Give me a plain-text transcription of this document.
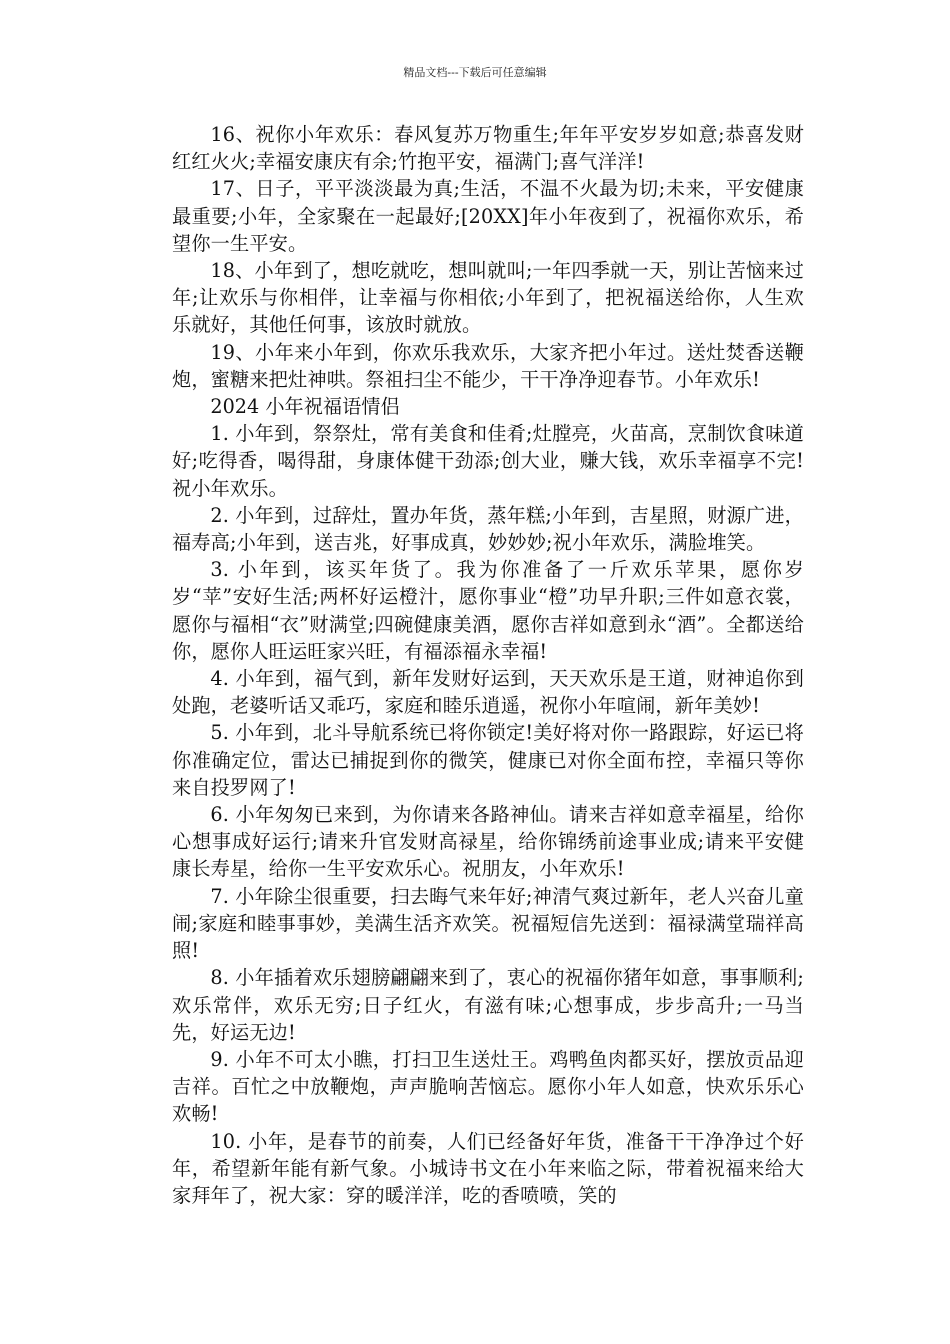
精品文档---下载后可任意编辑

16、祝你小年欢乐：春风复苏万物重生;年年平安岁岁如意;恭喜发财红红火火;幸福安康庆有余;竹抱平安，福满门;喜气洋洋!

17、日子，平平淡淡最为真;生活，不温不火最为切;未来，平安健康最重要;小年，全家聚在一起最好;[20XX]年小年夜到了，祝福你欢乐，希望你一生平安。

18、小年到了，想吃就吃，想叫就叫;一年四季就一天，别让苦恼来过年;让欢乐与你相伴，让幸福与你相依;小年到了，把祝福送给你，人生欢乐就好，其他任何事，该放时就放。

19、小年来小年到，你欢乐我欢乐，大家齐把小年过。送灶焚香送鞭炮，蜜糖来把灶神哄。祭祖扫尘不能少，干干净净迎春节。小年欢乐!

2024 小年祝福语情侣

1. 小年到，祭祭灶，常有美食和佳肴;灶膛亮，火苗高，烹制饮食味道好;吃得香，喝得甜，身康体健干劲添;创大业，赚大钱，欢乐幸福享不完!祝小年欢乐。

2. 小年到，过辞灶，置办年货，蒸年糕;小年到，吉星照，财源广进，福寿高;小年到，送吉兆，好事成真，妙妙妙;祝小年欢乐，满脸堆笑。

3. 小年到，该买年货了。我为你准备了一斤欢乐苹果，愿你岁岁“苹”安好生活;两杯好运橙汁，愿你事业“橙”功早升职;三件如意衣裳，愿你与福相“衣”财满堂;四碗健康美酒，愿你吉祥如意到永“酒”。全都送给你，愿你人旺运旺家兴旺，有福添福永幸福!

4. 小年到，福气到，新年发财好运到，天天欢乐是王道，财神追你到处跑，老婆听话又乖巧，家庭和睦乐逍遥，祝你小年喧闹，新年美妙!

5. 小年到，北斗导航系统已将你锁定!美好将对你一路跟踪，好运已将你准确定位，雷达已捕捉到你的微笑，健康已对你全面布控，幸福只等你来自投罗网了!

6. 小年匆匆已来到，为你请来各路神仙。请来吉祥如意幸福星，给你心想事成好运行;请来升官发财高禄星，给你锦绣前途事业成;请来平安健康长寿星，给你一生平安欢乐心。祝朋友，小年欢乐!

7. 小年除尘很重要，扫去晦气来年好;神清气爽过新年，老人兴奋儿童闹;家庭和睦事事妙，美满生活齐欢笑。祝福短信先送到：福禄满堂瑞祥高照!

8. 小年插着欢乐翅膀翩翩来到了，衷心的祝福你猪年如意，事事顺利;欢乐常伴，欢乐无穷;日子红火，有滋有味;心想事成，步步高升;一马当先，好运无边!

9. 小年不可太小瞧，打扫卫生送灶王。鸡鸭鱼肉都买好，摆放贡品迎吉祥。百忙之中放鞭炮，声声脆响苦恼忘。愿你小年人如意，快欢乐乐心欢畅!

10. 小年，是春节的前奏，人们已经备好年货，准备干干净净过个好年，希望新年能有新气象。小城诗书文在小年来临之际，带着祝福来给大家拜年了，祝大家：穿的暖洋洋，吃的香喷喷，笑的
